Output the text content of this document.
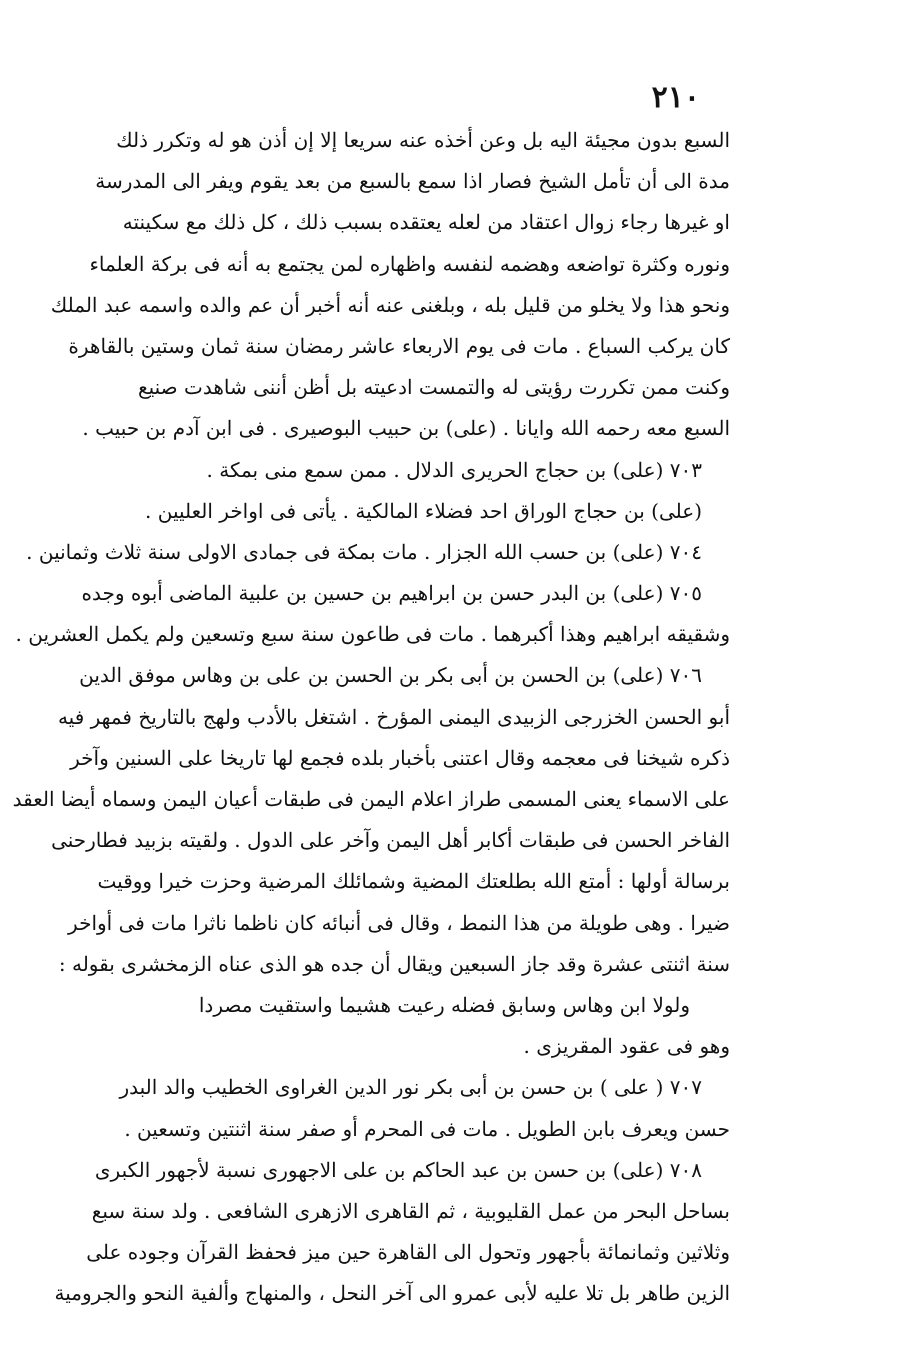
٢١٠
السبع بدون مجيئة اليه بل وعن أخذه عنه سريعا إلا إن أذن هو له وتكرر ذلك
مدة الى أن تأمل الشيخ فصار اذا سمع بالسبع من بعد يقوم ويفر الى المدرسة
او غيرها رجاء زوال اعتقاد من لعله يعتقده بسبب ذلك ، كل ذلك مع سكينته
ونوره وكثرة تواضعه وهضمه لنفسه واظهاره لمن يجتمع به أنه فى بركة العلماء
ونحو هذا ولا يخلو من قليل بله ، وبلغنى عنه أنه أخبر أن عم والده واسمه عبد الملك
كان يركب السباع . مات فى يوم الاربعاء عاشر رمضان سنة ثمان وستين بالقاهرة
وكنت ممن تكررت رؤيتى له والتمست ادعيته بل أظن أننى شاهدت صنيع
السبع معه رحمه الله وايانا . (على) بن حبيب البوصيرى . فى ابن آدم بن حبيب .
٧٠٣ (على) بن حجاج الحريرى الدلال . ممن سمع منى بمكة .
(على) بن حجاج الوراق احد فضلاء المالكية . يأتى فى اواخر العليين .
٧٠٤ (على) بن حسب الله الجزار . مات بمكة فى جمادى الاولى سنة ثلاث وثمانين .
٧٠٥ (على) بن البدر حسن بن ابراهيم بن حسين بن علبية الماضى أبوه وجده
وشقيقه ابراهيم وهذا أكبرهما . مات فى طاعون سنة سبع وتسعين ولم يكمل العشرين .
٧٠٦ (على) بن الحسن بن أبى بكر بن الحسن بن على بن وهاس موفق الدين
أبو الحسن الخزرجى الزبيدى اليمنى المؤرخ . اشتغل بالأدب ولهج بالتاريخ فمهر فيه
ذكره شيخنا فى معجمه وقال اعتنى بأخبار بلده فجمع لها تاريخا على السنين وآخر
على الاسماء يعنى المسمى طراز اعلام اليمن فى طبقات أعيان اليمن وسماه أيضا العقد
الفاخر الحسن فى طبقات أكابر أهل اليمن وآخر على الدول . ولقيته بزبيد فطارحنى
برسالة أولها : أمتع الله بطلعتك المضية وشمائلك المرضية وحزت خيرا ووقيت
ضيرا . وهى طويلة من هذا النمط ، وقال فى أنبائه كان ناظما ناثرا مات فى أواخر
سنة اثنتى عشرة وقد جاز السبعين ويقال أن جده هو الذى عناه الزمخشرى بقوله :
ولولا ابن وهاس وسابق فضله رعيت هشيما واستقيت مصردا
وهو فى عقود المقريزى .
٧٠٧ ( على ) بن حسن بن أبى بكر نور الدين الغراوى الخطيب والد البدر
حسن ويعرف بابن الطويل . مات فى المحرم أو صفر سنة اثنتين وتسعين .
٧٠٨ (على) بن حسن بن عبد الحاكم بن على الاجهورى نسبة لأجهور الكبرى
بساحل البحر من عمل القليوبية ، ثم القاهرى الازهرى الشافعى . ولد سنة سبع
وثلاثين وثمانمائة بأجهور وتحول الى القاهرة حين ميز فحفظ القرآن وجوده على
الزين طاهر بل تلا عليه لأبى عمرو الى آخر النحل ، والمنهاج وألفية النحو والجرومية
